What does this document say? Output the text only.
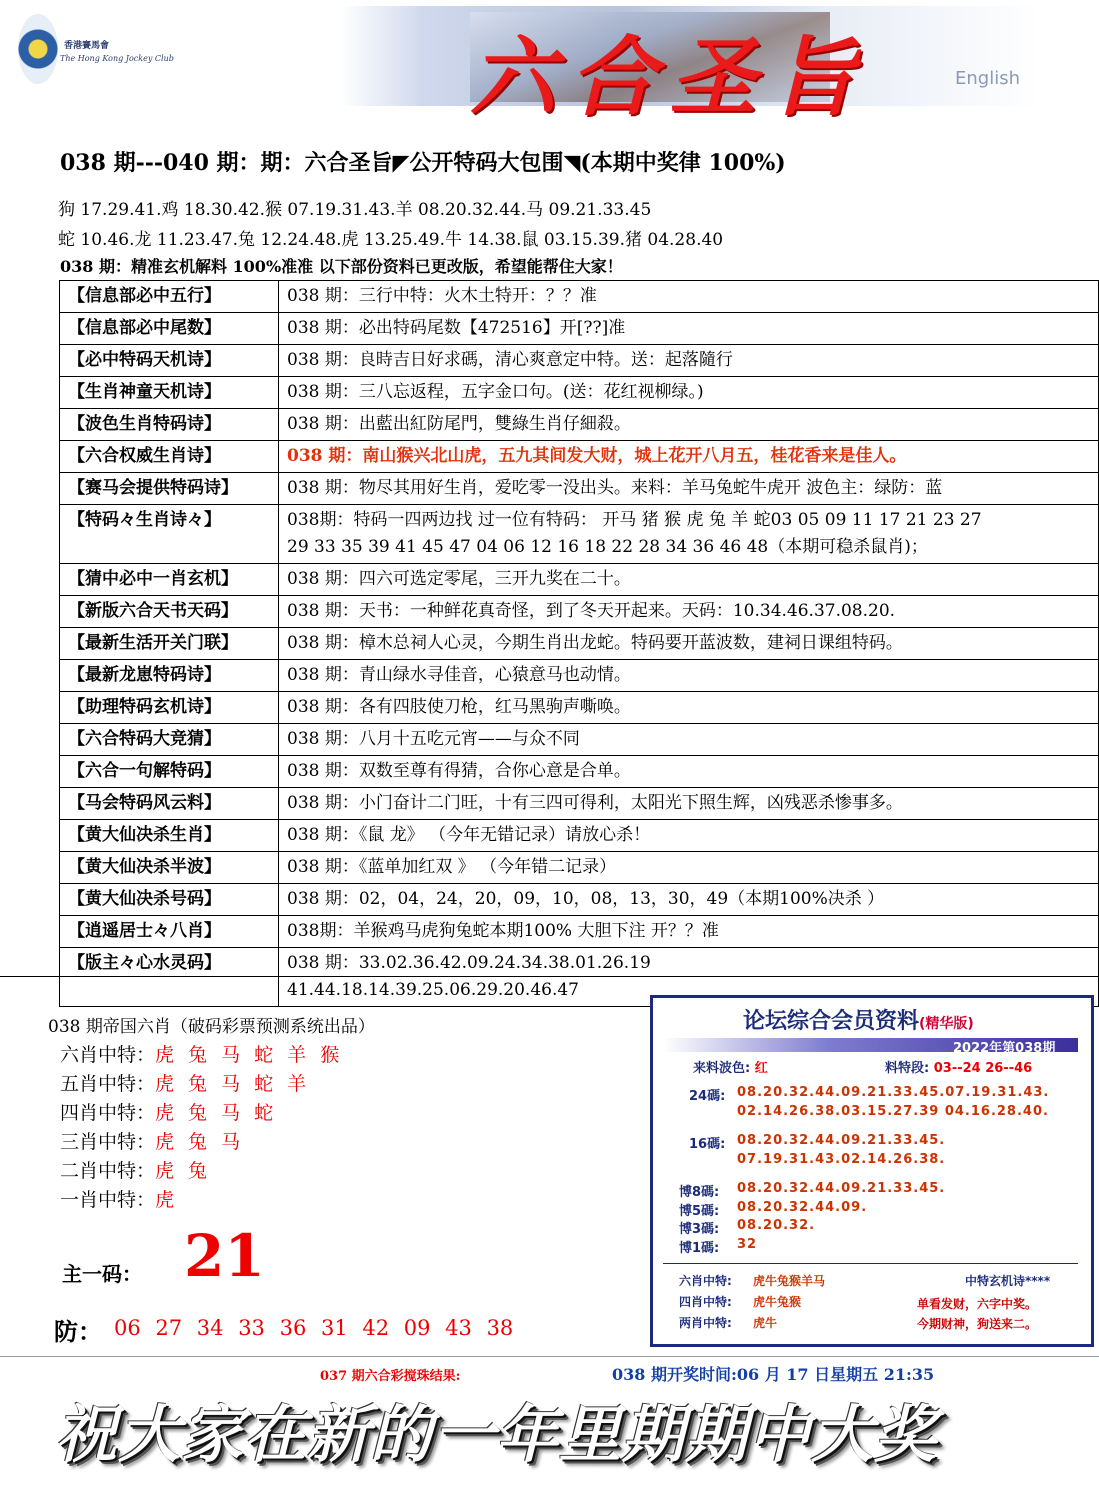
香港賽馬會
The Hong Kong Jockey Club	六合圣旨	English
038 期---040 期：期：六合圣旨◤公开特码大包围◥(本期中奖律 100%)
狗 17.29.41.鸡 18.30.42.猴 07.19.31.43.羊 08.20.32.44.马 09.21.33.45
蛇 10.46.龙 11.23.47.兔 12.24.48.虎 13.25.49.牛 14.38.鼠 03.15.39.猪 04.28.40
038 期：精准玄机解料 100%准准 以下部份资料已更改版，希望能帮住大家！
【信息部必中五行】	038 期：三行中特：火木土特开：？？准
【信息部必中尾数】	038 期：必出特码尾数【472516】开[??]准
【必中特码天机诗】	038 期：良時吉日好求碼，清心爽意定中特。送：起落隨行
【生肖神童天机诗】	038 期：三八忘返程，五字金口句。(送：花红视柳绿。)
【波色生肖特码诗】	038 期：出藍出紅防尾門，雙綠生肖仔細殺。
【六合权威生肖诗】	038 期：南山猴兴北山虎，五九其间发大财，城上花开八月五，桂花香来是佳人。
【赛马会提供特码诗】	038 期：物尽其用好生肖，爱吃零一没出头。来料：羊马兔蛇牛虎开 波色主：绿防：蓝
【特码々生肖诗々】	038期：特码一四两边找 过一位有特码： 开马 猪 猴 虎 兔 羊 蛇03 05 09 11 17 21 23 27
29 33 35 39 41 45 47 04 06 12 16 18 22 28 34 36 46 48（本期可稳杀鼠肖)；

【猜中必中一肖玄机】	038 期：四六可选定零尾，三开九奖在二十。
【新版六合天书天码】	038 期：天书：一种鲜花真奇怪，到了冬天开起来。天码：10.34.46.37.08.20.
【最新生活开关门联】	038 期：樟木总祠人心灵，今期生肖出龙蛇。特码要开蓝波数，建祠日课组特码。
【最新龙崽特码诗】	038 期：青山绿水寻佳音，心猿意马也动情。
【助理特码玄机诗】	038 期：各有四肢使刀枪，红马黑驹声嘶唤。
【六合特码大竞猜】	038 期：八月十五吃元宵——与众不同
【六合一句解特码】	038 期：双数至尊有得猜，合你心意是合单。
【马会特码风云料】	038 期：小门奋计二门旺，十有三四可得利，太阳光下照生辉，凶残恶杀惨事多。
【黄大仙决杀生肖】	038 期：《鼠 龙》 （今年无错记录）请放心杀！
【黄大仙决杀半波】	038 期：《蓝单加红双 》 （今年错二记录）
【黄大仙决杀号码】	038 期：02，04，24，20，09，10，08，13，30，49（本期100%决杀 ）
【逍遥居士々八肖】	038期：羊猴鸡马虎狗兔蛇本期100% 大胆下注 开？？准
【版主々心水灵码】	038 期：33.02.36.42.09.24.34.38.01.26.19
41.44.18.14.39.25.06.29.20.46.47
038 期帝国六肖（破码彩票预测系统出品）
六肖中特：虎 兔 马 蛇 羊 猴
五肖中特：虎 兔 马 蛇 羊
四肖中特：虎 兔 马 蛇
三肖中特：虎 兔 马
二肖中特：虎 兔
一肖中特：虎
主一码： 21
防： 06 27 34 33 36 31 42 09 43 38
论坛综合会员资料(精华版)
2022年第038期
来料波色: 红	料特段: 03--24 26--46
24碼: 08.20.32.44.09.21.33.45.07.19.31.43.
02.14.26.38.03.15.27.39 04.16.28.40.
16碼: 08.20.32.44.09.21.33.45.
07.19.31.43.02.14.26.38.
博8碼: 08.20.32.44.09.21.33.45.
博5碼: 08.20.32.44.09.
博3碼: 08.20.32.
博1碼: 32
六肖中特: 虎牛兔猴羊马
四肖中特: 虎牛兔猴
两肖中特: 虎牛
中特玄机诗****
单看发财，六字中奖。
今期财神，狗送来二。
037 期六合彩搅珠结果:	038 期开奖时间:06 月 17 日星期五 21:35
祝大家在新的一年里期期中大奖
